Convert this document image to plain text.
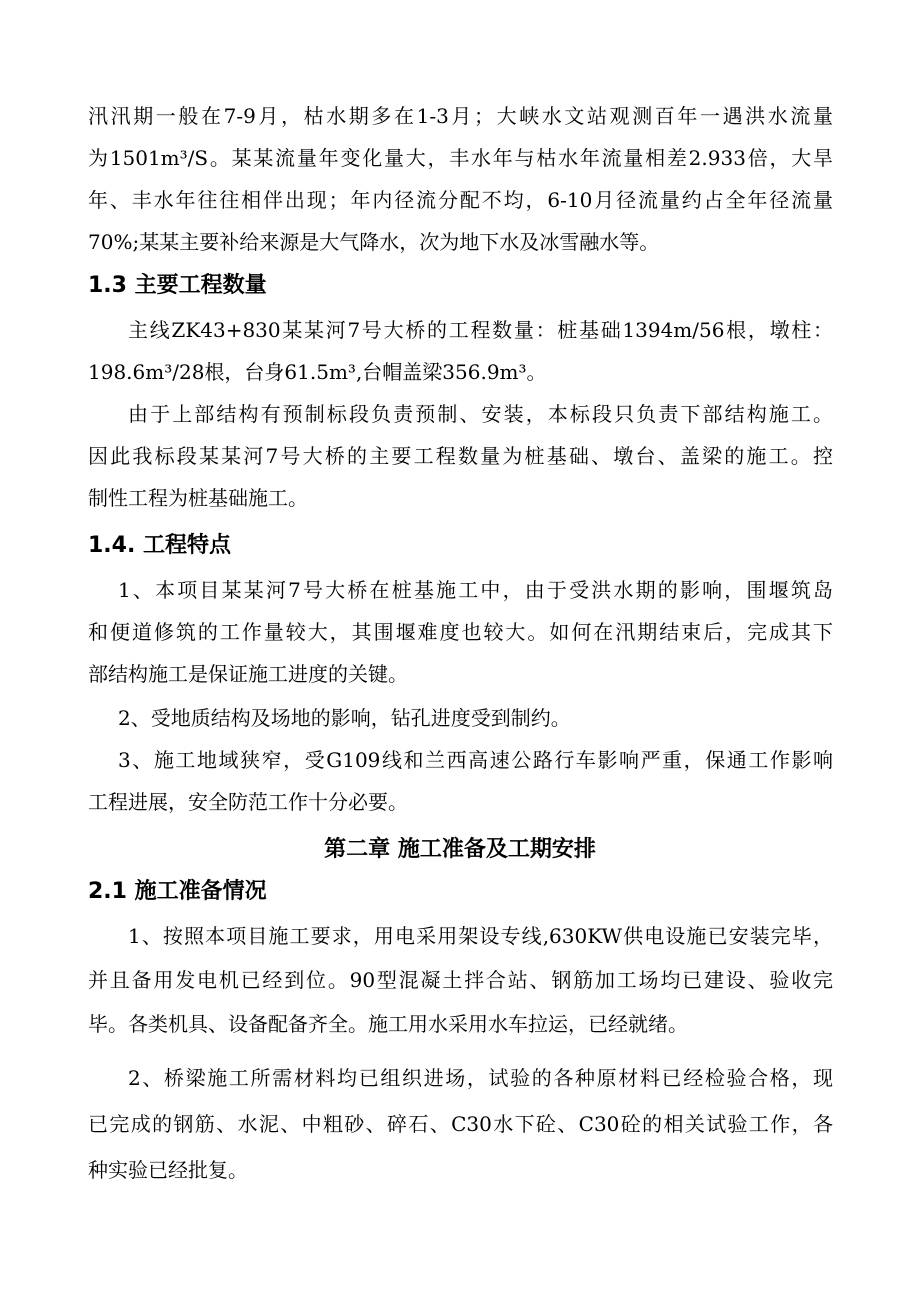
汛汛期一般在7-9月，枯水期多在1-3月；大峡水文站观测百年一遇洪水流量
为1501m³/S。某某流量年变化量大，丰水年与枯水年流量相差2.933倍，大旱
年、丰水年往往相伴出现；年内径流分配不均，6-10月径流量约占全年径流量
70%;某某主要补给来源是大气降水，次为地下水及冰雪融水等。
1.3 主要工程数量
主线ZK43+830某某河7号大桥的工程数量：桩基础1394m/56根，墩柱：
198.6m³/28根，台身61.5m³,台帽盖梁356.9m³。
由于上部结构有预制标段负责预制、安装，本标段只负责下部结构施工。
因此我标段某某河7号大桥的主要工程数量为桩基础、墩台、盖梁的施工。控
制性工程为桩基础施工。
1.4. 工程特点
1、本项目某某河7号大桥在桩基施工中，由于受洪水期的影响，围堰筑岛
和便道修筑的工作量较大，其围堰难度也较大。如何在汛期结束后，完成其下
部结构施工是保证施工进度的关键。
2、受地质结构及场地的影响，钻孔进度受到制约。
3、施工地域狭窄，受G109线和兰西高速公路行车影响严重，保通工作影响
工程进展，安全防范工作十分必要。
第二章 施工准备及工期安排
2.1 施工准备情况
1、按照本项目施工要求，用电采用架设专线,630KW供电设施已安装完毕，
并且备用发电机已经到位。90型混凝土拌合站、钢筋加工场均已建设、验收完
毕。各类机具、设备配备齐全。施工用水采用水车拉运，已经就绪。
2、桥梁施工所需材料均已组织进场，试验的各种原材料已经检验合格，现
已完成的钢筋、水泥、中粗砂、碎石、C30水下砼、C30砼的相关试验工作，各
种实验已经批复。
